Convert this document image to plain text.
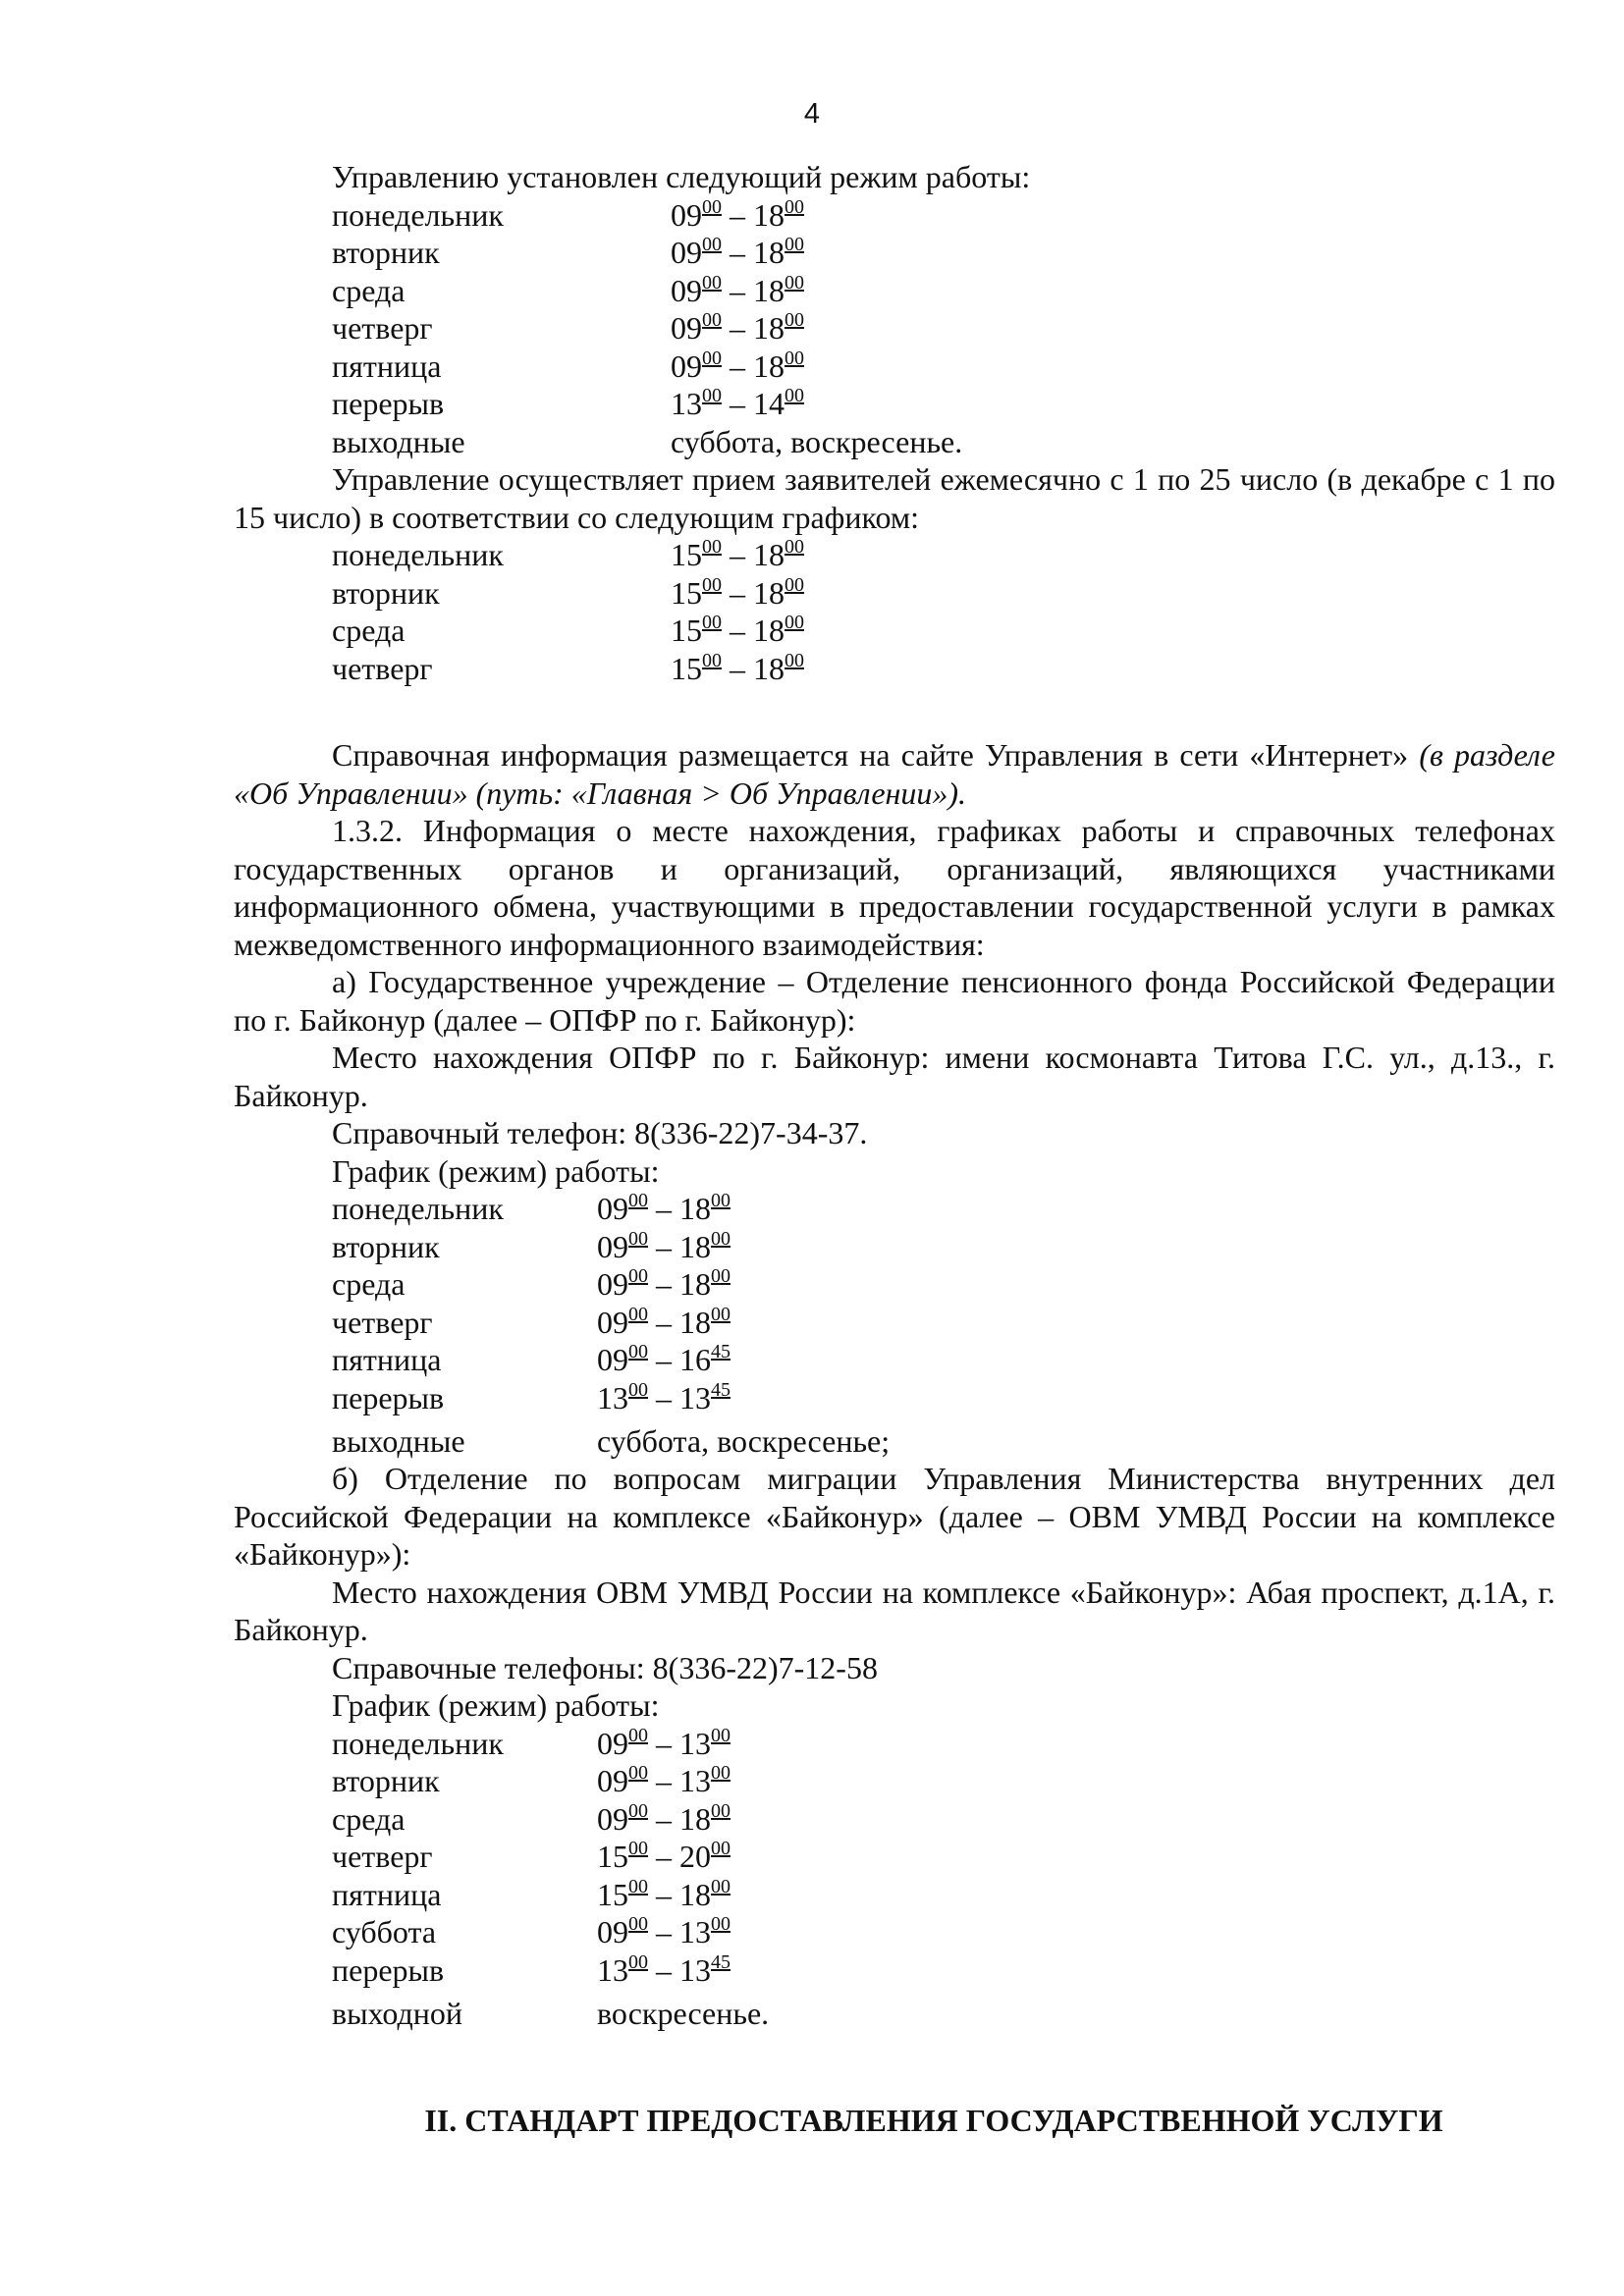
4

Управлению установлен следующий режим работы:

понедельник	$09^{00} - 18^{00}$
вторник	$09^{00} - 18^{00}$
среда	$09^{00} - 18^{00}$
четверг	$09^{00} - 18^{00}$
пятница	$09^{00} - 18^{00}$
перерыв	$13^{00} - 14^{00}$
выходные	суббота, воскресенье.

Управление осуществляет прием заявителей ежемесячно с 1 по 25 число (в декабре с 1 по 15 число) в соответствии со следующим графиком:

понедельник	$15^{00} - 18^{00}$
вторник	$15^{00} - 18^{00}$
среда	$15^{00} - 18^{00}$
четверг	$15^{00} - 18^{00}$

Справочная информация размещается на сайте Управления в сети «Интернет» (в разделе «Об Управлении» (путь: «Главная > Об Управлении»).

1.3.2. Информация о месте нахождения, графиках работы и справочных телефонах государственных органов и организаций, организаций, являющихся участниками информационного обмена, участвующими в предоставлении государственной услуги в рамках межведомственного информационного взаимодействия:

а) Государственное учреждение – Отделение пенсионного фонда Российской Федерации по г. Байконур (далее – ОПФР по г. Байконур):

Место нахождения ОПФР по г. Байконур: имени космонавта Титова Г.С. ул., д.13., г. Байконур.

Справочный телефон: 8(336-22)7-34-37.

График (режим) работы:

понедельник	$09^{00} - 18^{00}$
вторник	$09^{00} - 18^{00}$
среда	$09^{00} - 18^{00}$
четверг	$09^{00} - 18^{00}$
пятница	$09^{00} - 16^{45}$
перерыв	$13^{00} - 13^{45}$
выходные	суббота, воскресенье;

б) Отделение по вопросам миграции Управления Министерства внутренних дел Российской Федерации на комплексе «Байконур» (далее – ОВМ УМВД России на комплексе «Байконур»):

Место нахождения ОВМ УМВД России на комплексе «Байконур»: Абая проспект, д.1А, г. Байконур.

Справочные телефоны: 8(336-22)7-12-58

График (режим) работы:

понедельник	$09^{00} - 13^{00}$
вторник	$09^{00} - 13^{00}$
среда	$09^{00} - 18^{00}$
четверг	$15^{00} - 20^{00}$
пятница	$15^{00} - 18^{00}$
суббота	$09^{00} - 13^{00}$
перерыв	$13^{00} - 13^{45}$
выходной	воскресенье.
II. СТАНДАРТ ПРЕДОСТАВЛЕНИЯ ГОСУДАРСТВЕННОЙ УСЛУГИ
